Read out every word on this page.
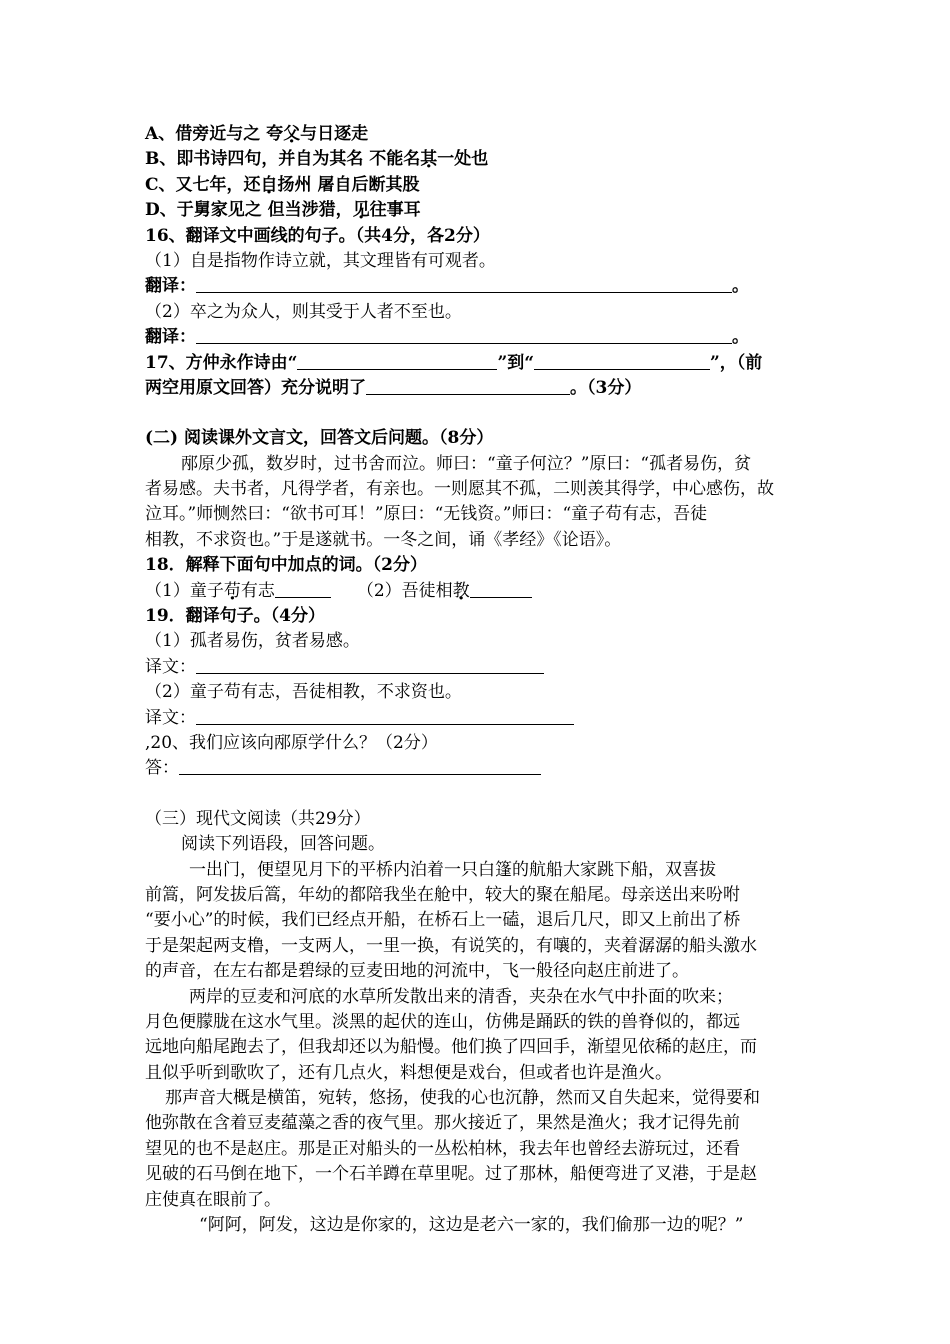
A、借旁近与之 夸父与日逐走
B、即书诗四句，并自为其名 不能名其一处也
C、又七年，还自扬州 屠自后断其股
D、于舅家见之 但当涉猎，见往事耳
16、翻译文中画线的句子。（共4分，各2分）
（1）自是指物作诗立就，其文理皆有可观者。
翻译：	。
（2）卒之为众人，则其受于人者不至也。
翻译：	。
17、方仲永作诗由“	”到“	”，（前
两空用原文回答）充分说明了	。（3分）
(二) 阅读课外文言文，回答文后问题。（8分）
邴原少孤，数岁时，过书舍而泣。师曰：“童子何泣？”原曰：“孤者易伤，贫
者易感。夫书者，凡得学者，有亲也。一则愿其不孤，二则羡其得学，中心感伤，故
泣耳。”师恻然曰：“欲书可耳！”原曰：“无钱资。”师曰：“童子苟有志，吾徒
相教，不求资也。”于是遂就书。一冬之间，诵《孝经》《论语》。
18．解释下面句中加点的词。（2分）
（1）童子苟有志	（2）吾徒相教
19．翻译句子。（4分）
（1）孤者易伤，贫者易感。
译文：
（2）童子苟有志，吾徒相教，不求资也。
译文：
,20、我们应该向邴原学什么？（2分）
答：
（三）现代文阅读（共29分）
阅读下列语段，回答问题。
一出门，便望见月下的平桥内泊着一只白篷的航船大家跳下船，双喜拔
前篙，阿发拔后篙，年幼的都陪我坐在舱中，较大的聚在船尾。母亲送出来吩咐
“要小心”的时候，我们已经点开船，在桥石上一磕，退后几尺，即又上前出了桥
于是架起两支橹，一支两人，一里一换，有说笑的，有嚷的，夹着潺潺的船头激水
的声音，在左右都是碧绿的豆麦田地的河流中，飞一般径向赵庄前进了。
两岸的豆麦和河底的水草所发散出来的清香，夹杂在水气中扑面的吹来；
月色便朦胧在这水气里。淡黑的起伏的连山，仿佛是踊跃的铁的兽脊似的，都远
远地向船尾跑去了，但我却还以为船慢。他们换了四回手，渐望见依稀的赵庄，而
且似乎听到歌吹了，还有几点火，料想便是戏台，但或者也许是渔火。
那声音大概是横笛，宛转，悠扬，使我的心也沉静，然而又自失起来，觉得要和
他弥散在含着豆麦蕴藻之香的夜气里。那火接近了，果然是渔火；我才记得先前
望见的也不是赵庄。那是正对船头的一丛松柏林，我去年也曾经去游玩过，还看
见破的石马倒在地下，一个石羊蹲在草里呢。过了那林，船便弯进了叉港，于是赵
庄使真在眼前了。
“阿阿，阿发，这边是你家的，这边是老六一家的，我们偷那一边的呢？”
